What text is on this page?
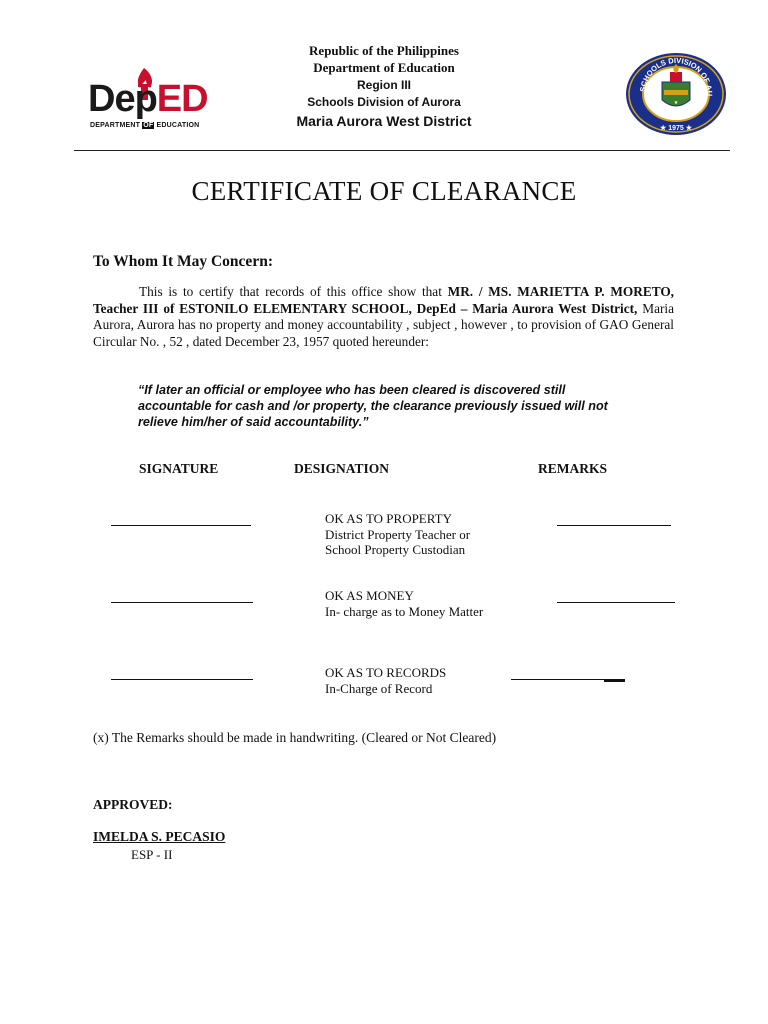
DepED
DEPARTMENT OF EDUCATION
Republic of the Philippines
Department of Education
Region III
Schools Division of Aurora
Maria Aurora West District
SCHOOLS DIVISION OF AU
★ 1975 ★
★
CERTIFICATE OF CLEARANCE
To Whom It May Concern:
This is to certify that records of this office show that MR. / MS. MARIETTA P. MORETO, Teacher III of ESTONILO ELEMENTARY SCHOOL, DepEd – Maria Aurora West District, Maria Aurora, Aurora has no property and money accountability , subject , however , to provision of GAO General Circular No. , 52 , dated December 23, 1957 quoted hereunder:
“If later an official or employee who has been cleared is discovered still accountable for cash and /or property, the clearance previously issued will not relieve him/her of said accountability.”
SIGNATURE	DESIGNATION	REMARKS
OK AS TO PROPERTY
District Property Teacher or
School Property Custodian
OK AS MONEY
In- charge as to Money Matter
OK AS TO RECORDS
In-Charge of Record
(x) The Remarks should be made in handwriting. (Cleared or Not Cleared)
APPROVED:
IMELDA S. PECASIO
ESP - II
